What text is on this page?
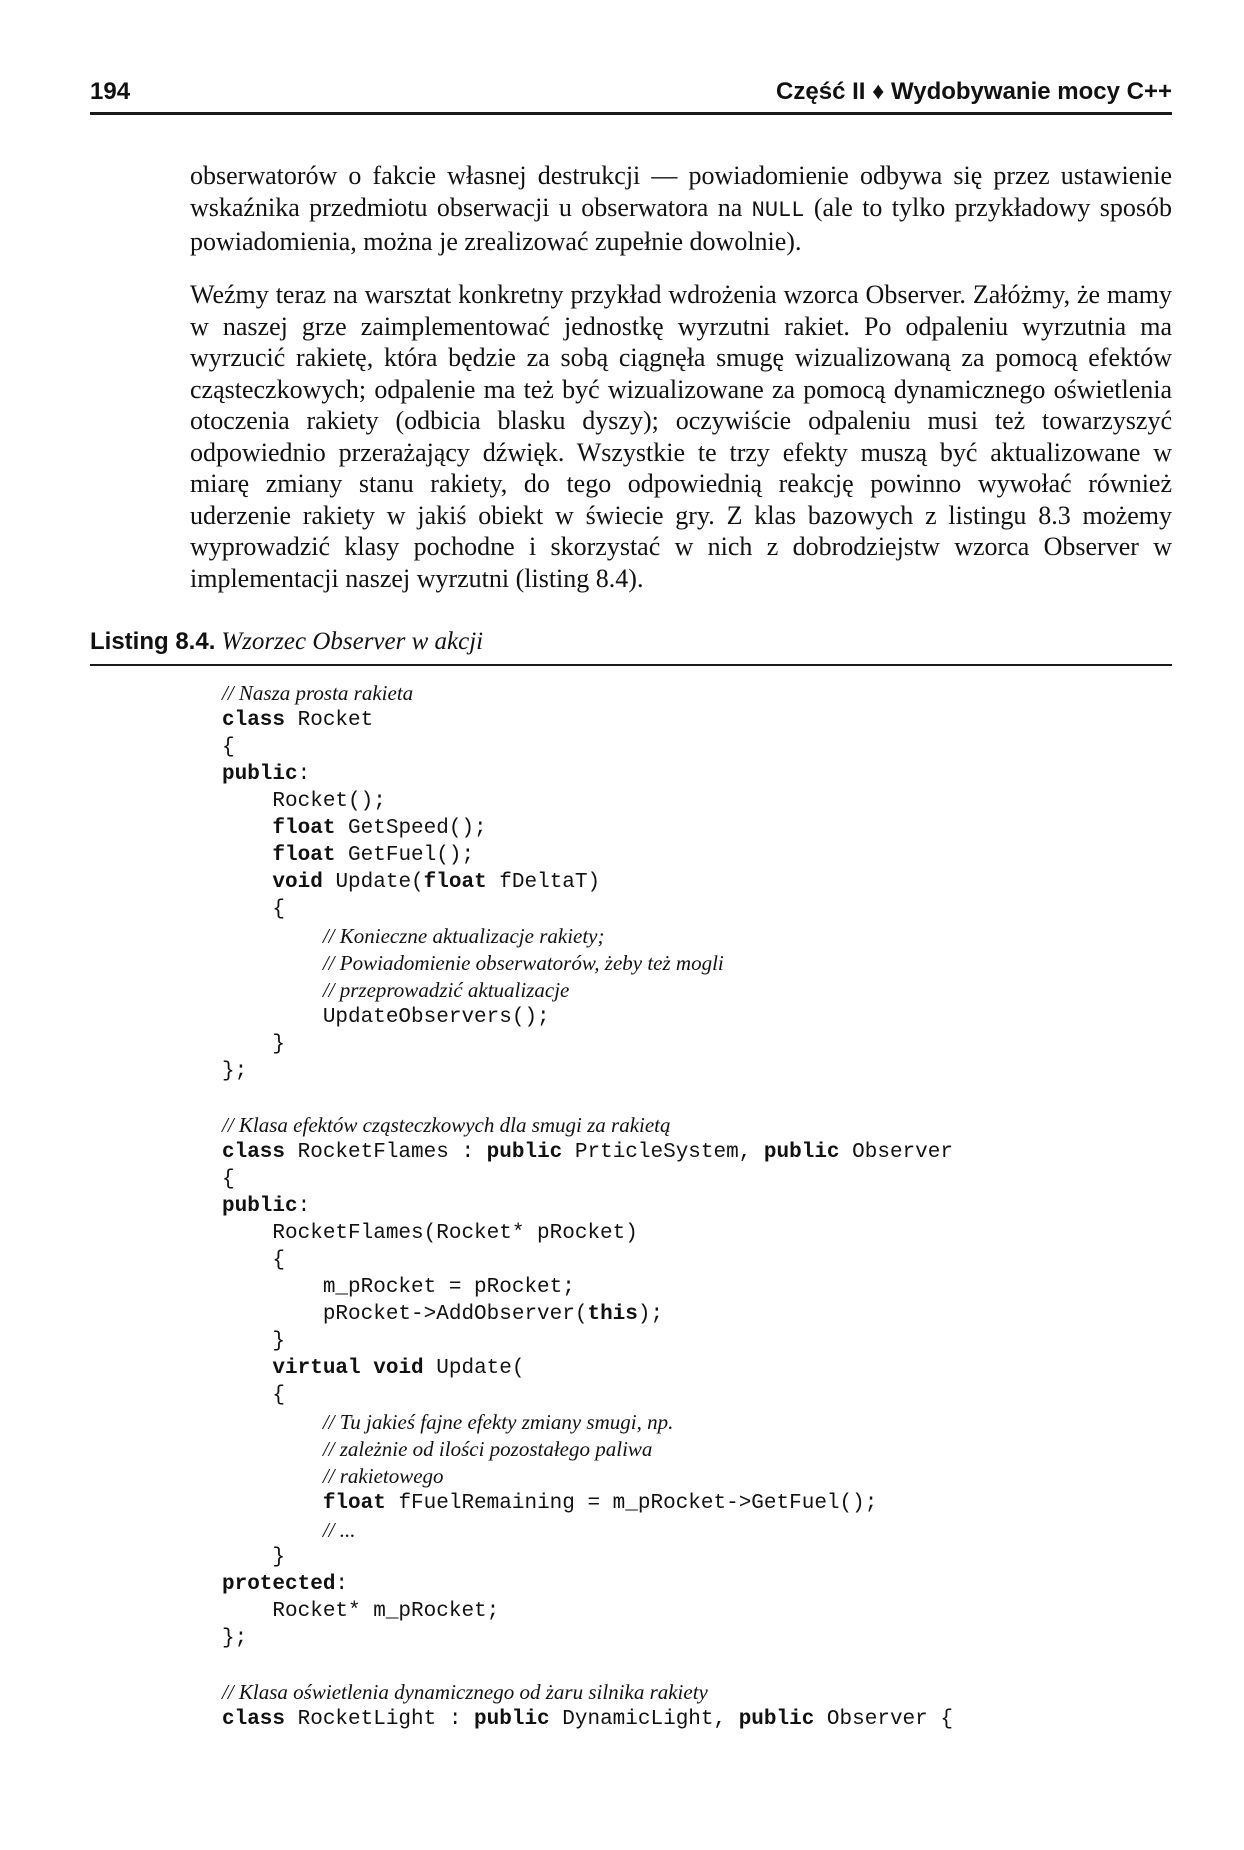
194	Część II ♦ Wydobywanie mocy C++

obserwatorów o fakcie własnej destrukcji — powiadomienie odbywa się przez ustawienie wskaźnika przedmiotu obserwacji u obserwatora na NULL (ale to tylko przykładowy sposób powiadomienia, można je zrealizować zupełnie dowolnie).

Weźmy teraz na warsztat konkretny przykład wdrożenia wzorca Observer. Załóżmy, że mamy w naszej grze zaimplementować jednostkę wyrzutni rakiet. Po odpaleniu wyrzutnia ma wyrzucić rakietę, która będzie za sobą ciągnęła smugę wizualizowaną za pomocą efektów cząsteczkowych; odpalenie ma też być wizualizowane za pomocą dynamicznego oświetlenia otoczenia rakiety (odbicia blasku dyszy); oczywiście odpaleniu musi też towarzyszyć odpowiednio przerażający dźwięk. Wszystkie te trzy efekty muszą być aktualizowane w miarę zmiany stanu rakiety, do tego odpowiednią reakcję powinno wywołać również uderzenie rakiety w jakiś obiekt w świecie gry. Z klas bazowych z listingu 8.3 możemy wyprowadzić klasy pochodne i skorzystać w nich z dobrodziejstw wzorca Observer w implementacji naszej wyrzutni (listing 8.4).

Listing 8.4. Wzorzec Observer w akcji
// Nasza prosta rakieta
class Rocket
{
public:
Rocket();
float GetSpeed();
float GetFuel();
void Update(float fDeltaT)
{
// Konieczne aktualizacje rakiety;
// Powiadomienie obserwatorów, żeby też mogli
// przeprowadzić aktualizacje
UpdateObservers();
}
};
// Klasa efektów cząsteczkowych dla smugi za rakietą
class RocketFlames : public PrticleSystem, public Observer
{
public:
RocketFlames(Rocket* pRocket)
{
m_pRocket = pRocket;
pRocket->AddObserver(this);
}
virtual void Update(
{
// Tu jakieś fajne efekty zmiany smugi, np.
// zależnie od ilości pozostałego paliwa
// rakietowego
float fFuelRemaining = m_pRocket->GetFuel();
// ...
}
protected:
Rocket* m_pRocket;
};
// Klasa oświetlenia dynamicznego od żaru silnika rakiety
class RocketLight : public DynamicLight, public Observer {
